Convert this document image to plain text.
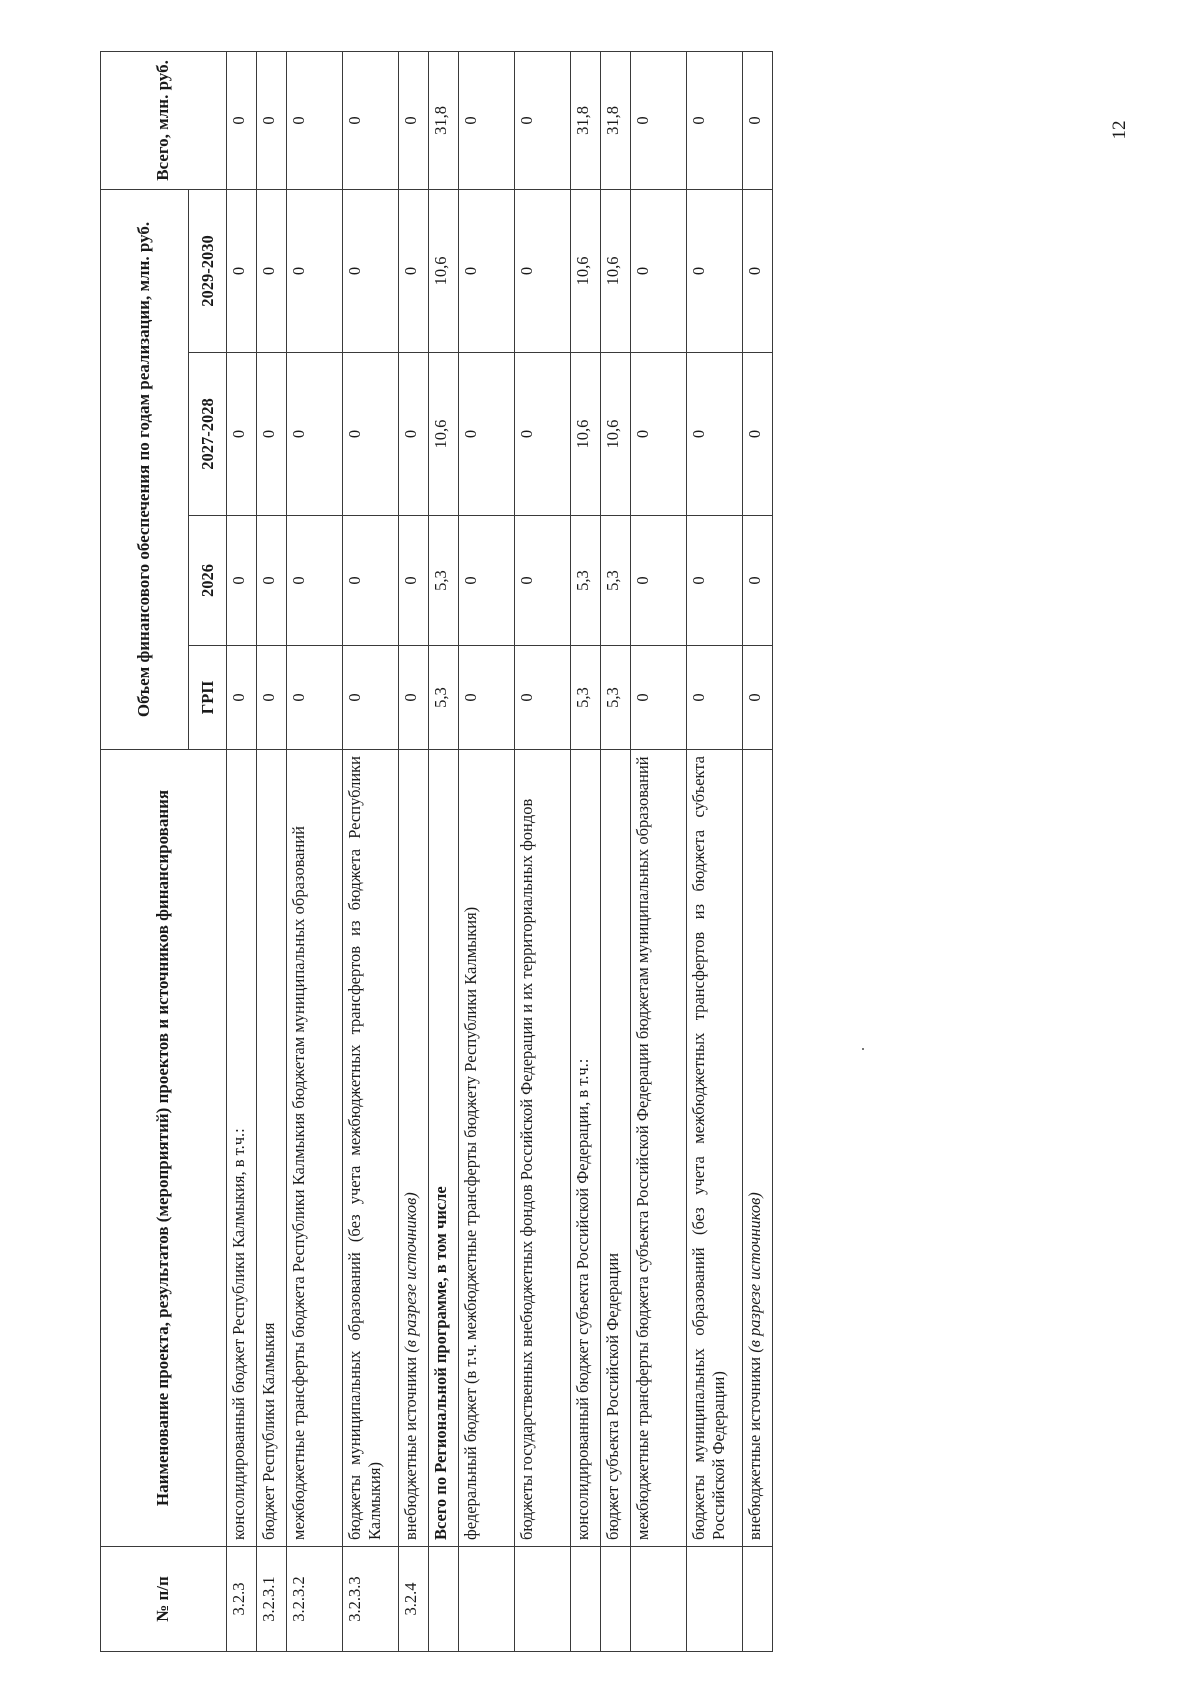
12
№ п/п	Наименование проекта, результатов (мероприятий) проектов и источников финансирования	Объем финансового обеспечения по годам реализации, млн. руб.				Всего, млн. руб.
		ГРП	2026	2027-2028	2029-2030	
3.2.3	консолидированный бюджет Республики Калмыкия, в т.ч.:	0	0	0	0	0
3.2.3.1	бюджет Республики Калмыкия	0	0	0	0	0
3.2.3.2	межбюджетные трансферты бюджета Республики Калмыкия бюджетам муниципальных образований	0	0	0	0	0
3.2.3.3	бюджеты муниципальных образований (без учета межбюджетных трансфертов из бюджета Республики Калмыкия)	0	0	0	0	0
3.2.4	внебюджетные источники (в разрезе источников)	0	0	0	0	0
	Всего по Региональной программе, в том числе	5,3	5,3	10,6	10,6	31,8
	федеральный бюджет (в т.ч. межбюджетные трансферты бюджету Республики Калмыкия)	0	0	0	0	0
	бюджеты государственных внебюджетных фондов Российской Федерации и их территориальных фондов	0	0	0	0	0
	консолидированный бюджет субъекта Российской Федерации, в т.ч.:	5,3	5,3	10,6	10,6	31,8
	бюджет субъекта Российской Федерации	5,3	5,3	10,6	10,6	31,8
	межбюджетные трансферты бюджета субъекта Российской Федерации бюджетам муниципальных образований	0	0	0	0	0
	бюджеты муниципальных образований (без учета межбюджетных трансфертов из бюджета субъекта Российской Федерации)	0	0	0	0	0
	внебюджетные источники (в разрезе источников)	0	0	0	0	0
